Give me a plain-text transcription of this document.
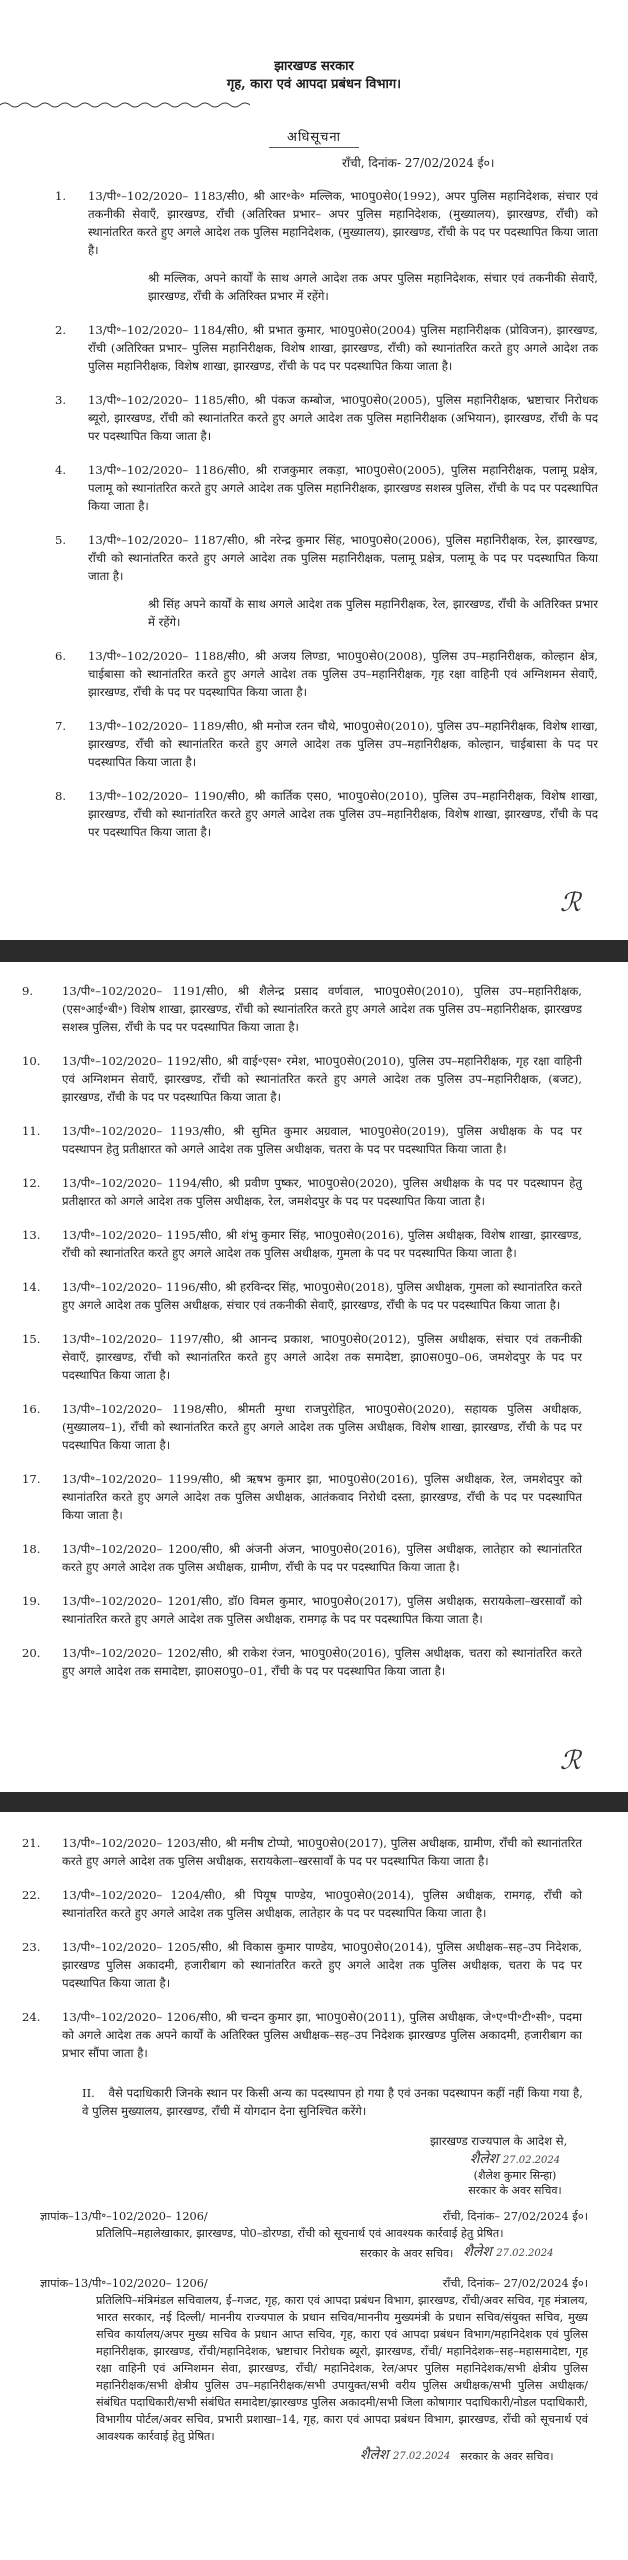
झारखण्ड सरकार
गृह, कारा एवं आपदा प्रबंधन विभाग।
अधिसूचना
राँची, दिनांक- 27/02/2024 ई०।
1. 13/पी॰–102/2020– 1183/सी0, श्री आर॰के॰ मल्लिक, भा0पु0से0(1992), अपर पुलिस महानिदेशक, संचार एवं तकनीकी सेवाएँ, झारखण्ड, राँची (अतिरिक्त प्रभार– अपर पुलिस महानिदेशक, (मुख्यालय), झारखण्ड, राँची) को स्थानांतरित करते हुए अगले आदेश तक पुलिस महानिदेशक, (मुख्यालय), झारखण्ड, राँची के पद पर पदस्थापित किया जाता है।
श्री मल्लिक, अपने कार्यों के साथ अगले आदेश तक अपर पुलिस महानिदेशक, संचार एवं तकनीकी सेवाएँ, झारखण्ड, राँची के अतिरिक्त प्रभार में रहेंगे।
2. 13/पी॰–102/2020– 1184/सी0, श्री प्रभात कुमार, भा0पु0से0(2004) पुलिस महानिरीक्षक (प्रोविजन), झारखण्ड, राँची (अतिरिक्त प्रभार– पुलिस महानिरीक्षक, विशेष शाखा, झारखण्ड, राँची) को स्थानांतरित करते हुए अगले आदेश तक पुलिस महानिरीक्षक, विशेष शाखा, झारखण्ड, राँची के पद पर पदस्थापित किया जाता है।
3. 13/पी॰–102/2020– 1185/सी0, श्री पंकज कम्बोज, भा0पु0से0(2005), पुलिस महानिरीक्षक, भ्रष्टाचार निरोधक ब्यूरो, झारखण्ड, राँची को स्थानांतरित करते हुए अगले आदेश तक पुलिस महानिरीक्षक (अभियान), झारखण्ड, राँची के पद पर पदस्थापित किया जाता है।
4. 13/पी॰–102/2020– 1186/सी0, श्री राजकुमार लकड़ा, भा0पु0से0(2005), पुलिस महानिरीक्षक, पलामू प्रक्षेत्र, पलामू को स्थानांतरित करते हुए अगले आदेश तक पुलिस महानिरीक्षक, झारखण्ड सशस्त्र पुलिस, राँची के पद पर पदस्थापित किया जाता है।
5. 13/पी॰–102/2020– 1187/सी0, श्री नरेन्द्र कुमार सिंह, भा0पु0से0(2006), पुलिस महानिरीक्षक, रेल, झारखण्ड, राँची को स्थानांतरित करते हुए अगले आदेश तक पुलिस महानिरीक्षक, पलामू प्रक्षेत्र, पलामू के पद पर पदस्थापित किया जाता है।
श्री सिंह अपने कार्यों के साथ अगले आदेश तक पुलिस महानिरीक्षक, रेल, झारखण्ड, राँची के अतिरिक्त प्रभार में रहेंगे।
6. 13/पी॰–102/2020– 1188/सी0, श्री अजय लिण्डा, भा0पु0से0(2008), पुलिस उप–महानिरीक्षक, कोल्हान क्षेत्र, चाईबासा को स्थानांतरित करते हुए अगले आदेश तक पुलिस उप–महानिरीक्षक, गृह रक्षा वाहिनी एवं अग्निशमन सेवाएँ, झारखण्ड, राँची के पद पर पदस्थापित किया जाता है।
7. 13/पी॰–102/2020– 1189/सी0, श्री मनोज रतन चौथे, भा0पु0से0(2010), पुलिस उप–महानिरीक्षक, विशेष शाखा, झारखण्ड, राँची को स्थानांतरित करते हुए अगले आदेश तक पुलिस उप–महानिरीक्षक, कोल्हान, चाईबासा के पद पर पदस्थापित किया जाता है।
8. 13/पी॰–102/2020– 1190/सी0, श्री कार्तिक एस0, भा0पु0से0(2010), पुलिस उप–महानिरीक्षक, विशेष शाखा, झारखण्ड, राँची को स्थानांतरित करते हुए अगले आदेश तक पुलिस उप–महानिरीक्षक, विशेष शाखा, झारखण्ड, राँची के पद पर पदस्थापित किया जाता है।
ℛ
9. 13/पी॰–102/2020– 1191/सी0, श्री शैलेन्द्र प्रसाद वर्णवाल, भा0पु0से0(2010), पुलिस उप–महानिरीक्षक, (एस॰आई॰बी॰) विशेष शाखा, झारखण्ड, राँची को स्थानांतरित करते हुए अगले आदेश तक पुलिस उप–महानिरीक्षक, झारखण्ड सशस्त्र पुलिस, राँची के पद पर पदस्थापित किया जाता है।
10. 13/पी॰–102/2020– 1192/सी0, श्री वाई॰एस॰ रमेश, भा0पु0से0(2010), पुलिस उप–महानिरीक्षक, गृह रक्षा वाहिनी एवं अग्निशमन सेवाएँ, झारखण्ड, राँची को स्थानांतरित करते हुए अगले आदेश तक पुलिस उप–महानिरीक्षक, (बजट), झारखण्ड, राँची के पद पर पदस्थापित किया जाता है।
11. 13/पी॰–102/2020– 1193/सी0, श्री सुमित कुमार अग्रवाल, भा0पु0से0(2019), पुलिस अधीक्षक के पद पर पदस्थापन हेतु प्रतीक्षारत को अगले आदेश तक पुलिस अधीक्षक, चतरा के पद पर पदस्थापित किया जाता है।
12. 13/पी॰–102/2020– 1194/सी0, श्री प्रवीण पुष्कर, भा0पु0से0(2020), पुलिस अधीक्षक के पद पर पदस्थापन हेतु प्रतीक्षारत को अगले आदेश तक पुलिस अधीक्षक, रेल, जमशेदपुर के पद पर पदस्थापित किया जाता है।
13. 13/पी॰–102/2020– 1195/सी0, श्री शंभु कुमार सिंह, भा0पु0से0(2016), पुलिस अधीक्षक, विशेष शाखा, झारखण्ड, राँची को स्थानांतरित करते हुए अगले आदेश तक पुलिस अधीक्षक, गुमला के पद पर पदस्थापित किया जाता है।
14. 13/पी॰–102/2020– 1196/सी0, श्री हरविन्दर सिंह, भा0पु0से0(2018), पुलिस अधीक्षक, गुमला को स्थानांतरित करते हुए अगले आदेश तक पुलिस अधीक्षक, संचार एवं तकनीकी सेवाएँ, झारखण्ड, राँची के पद पर पदस्थापित किया जाता है।
15. 13/पी॰–102/2020– 1197/सी0, श्री आनन्द प्रकाश, भा0पु0से0(2012), पुलिस अधीक्षक, संचार एवं तकनीकी सेवाएँ, झारखण्ड, राँची को स्थानांतरित करते हुए अगले आदेश तक समादेष्टा, झा0स0पु0–06, जमशेदपुर के पद पर पदस्थापित किया जाता है।
16. 13/पी॰–102/2020– 1198/सी0, श्रीमती मुग्धा राजपुरोहित, भा0पु0से0(2020), सहायक पुलिस अधीक्षक, (मुख्यालय–1), राँची को स्थानांतरित करते हुए अगले आदेश तक पुलिस अधीक्षक, विशेष शाखा, झारखण्ड, राँची के पद पर पदस्थापित किया जाता है।
17. 13/पी॰–102/2020– 1199/सी0, श्री ऋषभ कुमार झा, भा0पु0से0(2016), पुलिस अधीक्षक, रेल, जमशेदपुर को स्थानांतरित करते हुए अगले आदेश तक पुलिस अधीक्षक, आतंकवाद निरोधी दस्ता, झारखण्ड, राँची के पद पर पदस्थापित किया जाता है।
18. 13/पी॰–102/2020– 1200/सी0, श्री अंजनी अंजन, भा0पु0से0(2016), पुलिस अधीक्षक, लातेहार को स्थानांतरित करते हुए अगले आदेश तक पुलिस अधीक्षक, ग्रामीण, राँची के पद पर पदस्थापित किया जाता है।
19. 13/पी॰–102/2020– 1201/सी0, डॉ0 विमल कुमार, भा0पु0से0(2017), पुलिस अधीक्षक, सरायकेला–खरसावाँ को स्थानांतरित करते हुए अगले आदेश तक पुलिस अधीक्षक, रामगढ़ के पद पर पदस्थापित किया जाता है।
20. 13/पी॰–102/2020– 1202/सी0, श्री राकेश रंजन, भा0पु0से0(2016), पुलिस अधीक्षक, चतरा को स्थानांतरित करते हुए अगले आदेश तक समादेष्टा, झा0स0पु0–01, राँची के पद पर पदस्थापित किया जाता है।
ℛ
21. 13/पी॰–102/2020– 1203/सी0, श्री मनीष टोप्पो, भा0पु0से0(2017), पुलिस अधीक्षक, ग्रामीण, राँची को स्थानांतरित करते हुए अगले आदेश तक पुलिस अधीक्षक, सरायकेला–खरसावाँ के पद पर पदस्थापित किया जाता है।
22. 13/पी॰–102/2020– 1204/सी0, श्री पियूष पाण्डेय, भा0पु0से0(2014), पुलिस अधीक्षक, रामगढ़, राँची को स्थानांतरित करते हुए अगले आदेश तक पुलिस अधीक्षक, लातेहार के पद पर पदस्थापित किया जाता है।
23. 13/पी॰–102/2020– 1205/सी0, श्री विकास कुमार पाण्डेय, भा0पु0से0(2014), पुलिस अधीक्षक–सह–उप निदेशक, झारखण्ड पुलिस अकादमी, हजारीबाग को स्थानांतरित करते हुए अगले आदेश तक पुलिस अधीक्षक, चतरा के पद पर पदस्थापित किया जाता है।
24. 13/पी॰–102/2020– 1206/सी0, श्री चन्दन कुमार झा, भा0पु0से0(2011), पुलिस अधीक्षक, जे॰ए॰पी॰टी॰सी॰, पदमा को अगले आदेश तक अपने कार्यों के अतिरिक्त पुलिस अधीक्षक–सह–उप निदेशक झारखण्ड पुलिस अकादमी, हजारीबाग का प्रभार सौंपा जाता है।
II. वैसे पदाधिकारी जिनके स्थान पर किसी अन्य का पदस्थापन हो गया है एवं उनका पदस्थापन कहीं नहीं किया गया है, वे पुलिस मुख्यालय, झारखण्ड, राँची में योगदान देना सुनिश्चित करेंगे।
झारखण्ड राज्यपाल के आदेश से,
शैलेश 27.02.2024
(शैलेश कुमार सिन्हा)
सरकार के अवर सचिव।
ज्ञापांक–13/पी॰–102/2020– 1206/	राँची, दिनांक– 27/02/2024 ई०।
प्रतिलिपि–महालेखाकार, झारखण्ड, पो0–डोरण्डा, राँची को सूचनार्थ एवं आवश्यक कार्रवाई हेतु प्रेषित।
सरकार के अवर सचिव। शैलेश 27.02.2024
ज्ञापांक–13/पी॰–102/2020– 1206/	राँची, दिनांक– 27/02/2024 ई०।
प्रतिलिपि–मंत्रिमंडल सचिवालय, ई–गजट, गृह, कारा एवं आपदा प्रबंधन विभाग, झारखण्ड, राँची/अवर सचिव, गृह मंत्रालय, भारत सरकार, नई दिल्ली/ माननीय राज्यपाल के प्रधान सचिव/माननीय मुख्यमंत्री के प्रधान सचिव/संयुक्त सचिव, मुख्य सचिव कार्यालय/अपर मुख्य सचिव के प्रधान आप्त सचिव, गृह, कारा एवं आपदा प्रबंधन विभाग/महानिदेशक एवं पुलिस महानिरीक्षक, झारखण्ड, राँची/महानिदेशक, भ्रष्टाचार निरोधक ब्यूरो, झारखण्ड, राँची/ महानिदेशक–सह–महासमादेष्टा, गृह रक्षा वाहिनी एवं अग्निशमन सेवा, झारखण्ड, राँची/ महानिदेशक, रेल/अपर पुलिस महानिदेशक/सभी क्षेत्रीय पुलिस महानिरीक्षक/सभी क्षेत्रीय पुलिस उप–महानिरीक्षक/सभी उपायुक्त/सभी वरीय पुलिस अधीक्षक/सभी पुलिस अधीक्षक/संबंधित पदाधिकारी/सभी संबंधित समादेष्टा/झारखण्ड पुलिस अकादमी/सभी जिला कोषागार पदाधिकारी/नोडल पदाधिकारी, विभागीय पोर्टल/अवर सचिव, प्रभारी प्रशाखा–14, गृह, कारा एवं आपदा प्रबंधन विभाग, झारखण्ड, राँची को सूचनार्थ एवं आवश्यक कार्रवाई हेतु प्रेषित।
शैलेश 27.02.2024 सरकार के अवर सचिव।
